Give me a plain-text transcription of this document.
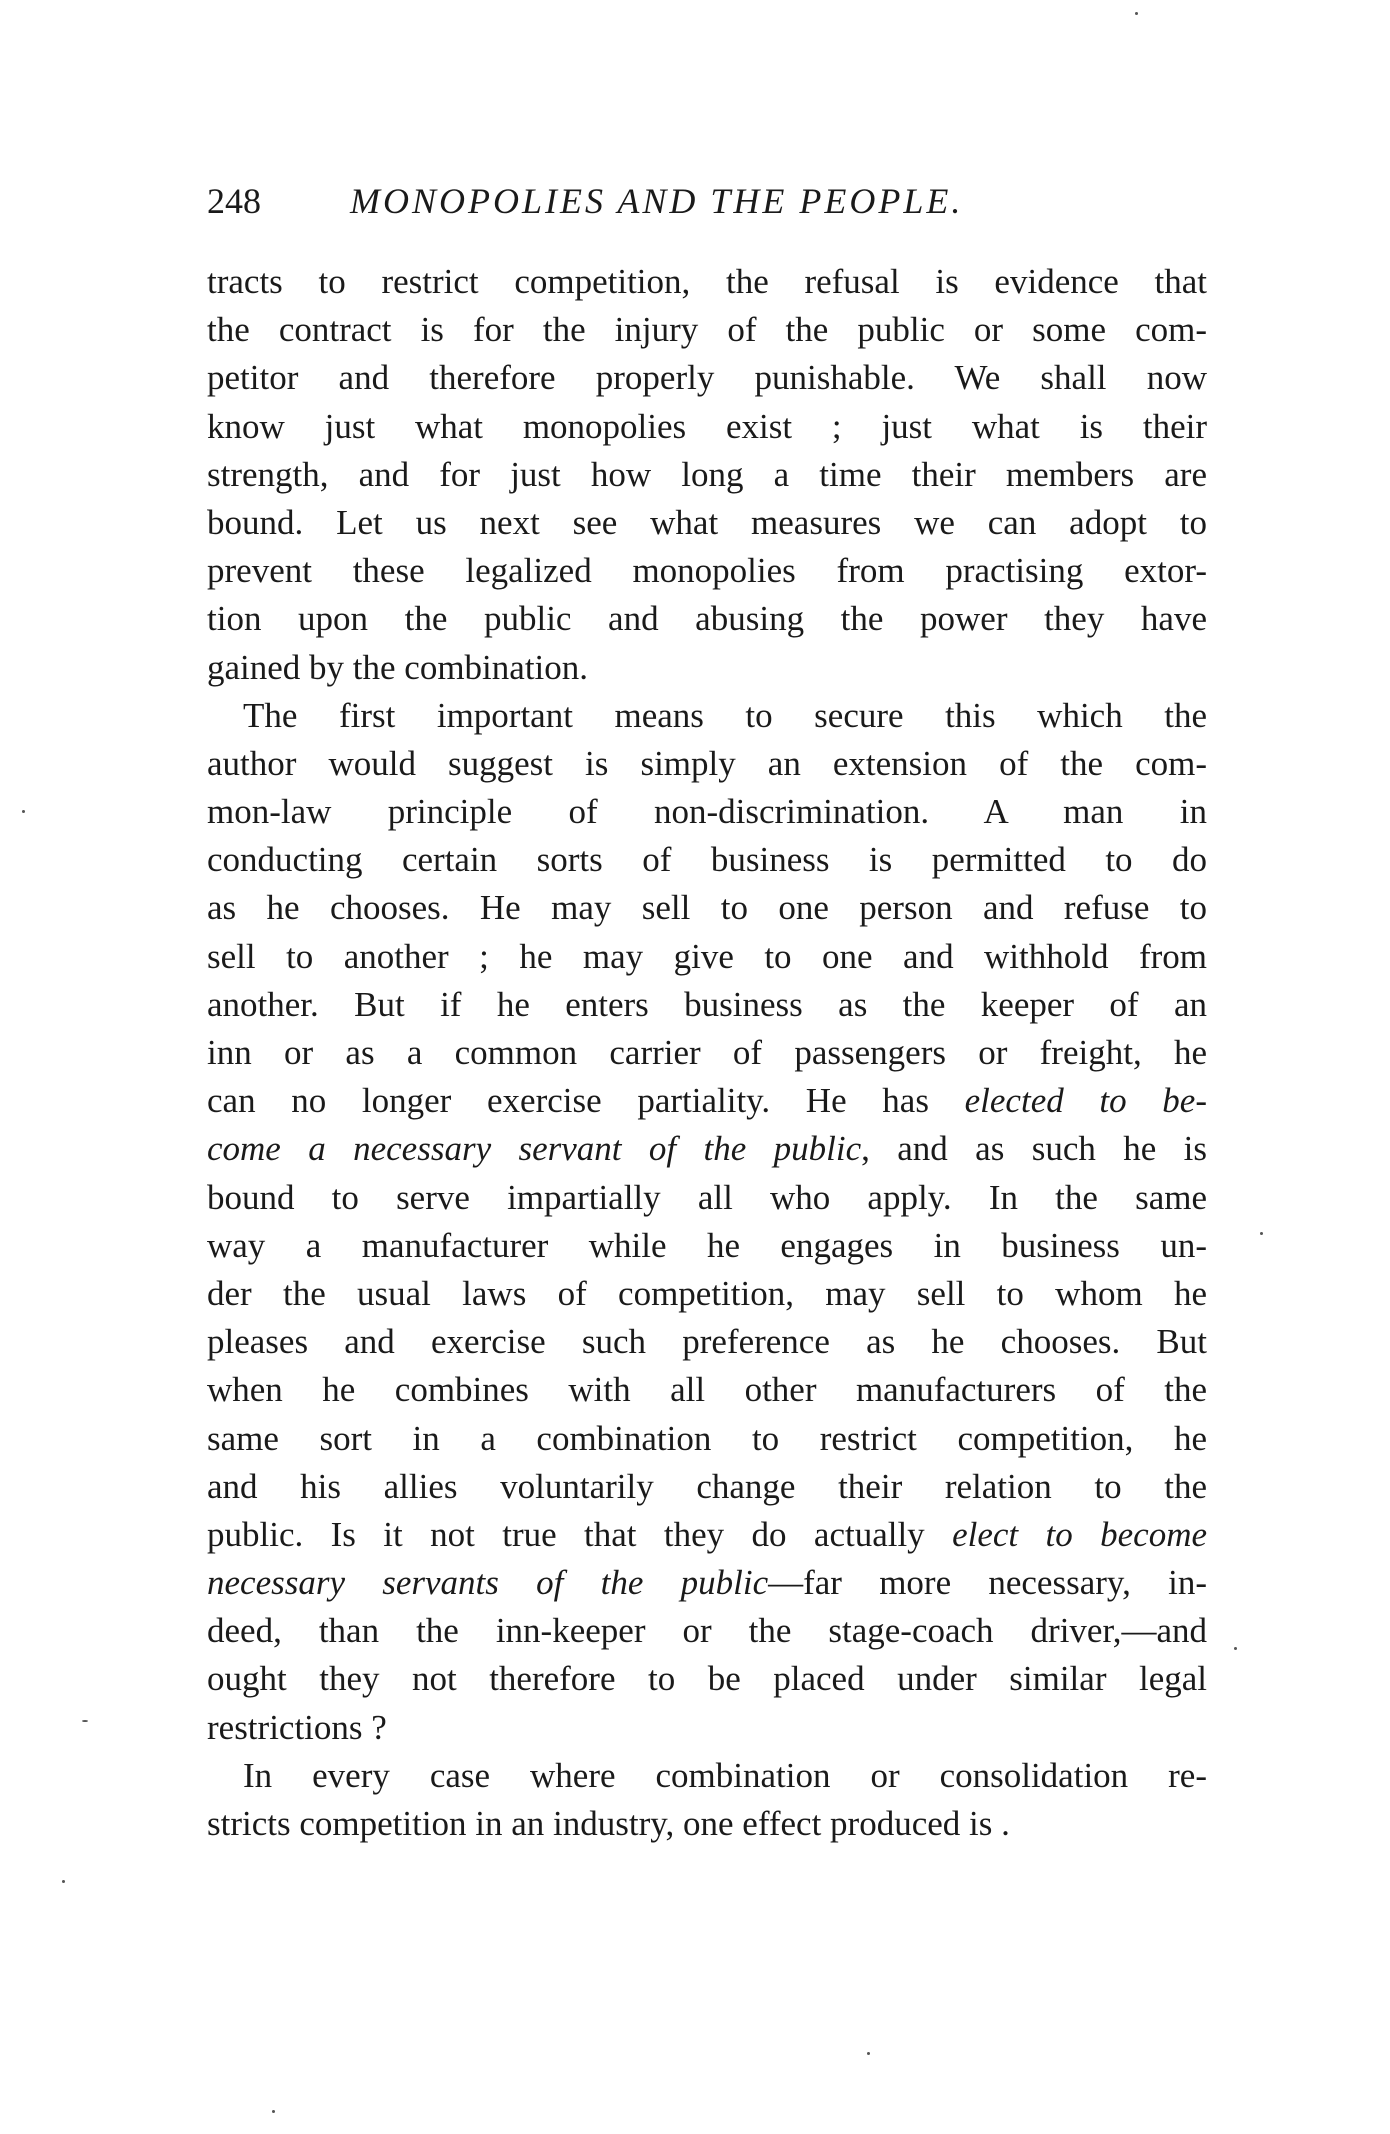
248 MONOPOLIES AND THE PEOPLE.
tracts to restrict competition, the refusal is evidence that
the contract is for the injury of the public or some com-
petitor and therefore properly punishable. We shall now
know just what monopolies exist ; just what is their
strength, and for just how long a time their members are
bound. Let us next see what measures we can adopt to
prevent these legalized monopolies from practising extor-
tion upon the public and abusing the power they have
gained by the combination.
The first important means to secure this which the
author would suggest is simply an extension of the com-
mon-law principle of non-discrimination. A man in
conducting certain sorts of business is permitted to do
as he chooses. He may sell to one person and refuse to
sell to another ; he may give to one and withhold from
another. But if he enters business as the keeper of an
inn or as a common carrier of passengers or freight, he
can no longer exercise partiality. He has elected to be-
come a necessary servant of the public, and as such he is
bound to serve impartially all who apply. In the same
way a manufacturer while he engages in business un-
der the usual laws of competition, may sell to whom he
pleases and exercise such preference as he chooses. But
when he combines with all other manufacturers of the
same sort in a combination to restrict competition, he
and his allies voluntarily change their relation to the
public. Is it not true that they do actually elect to become
necessary servants of the public—far more necessary, in-
deed, than the inn-keeper or the stage-coach driver,—and
ought they not therefore to be placed under similar legal
restrictions ?
In every case where combination or consolidation re-
stricts competition in an industry, one effect produced is .
